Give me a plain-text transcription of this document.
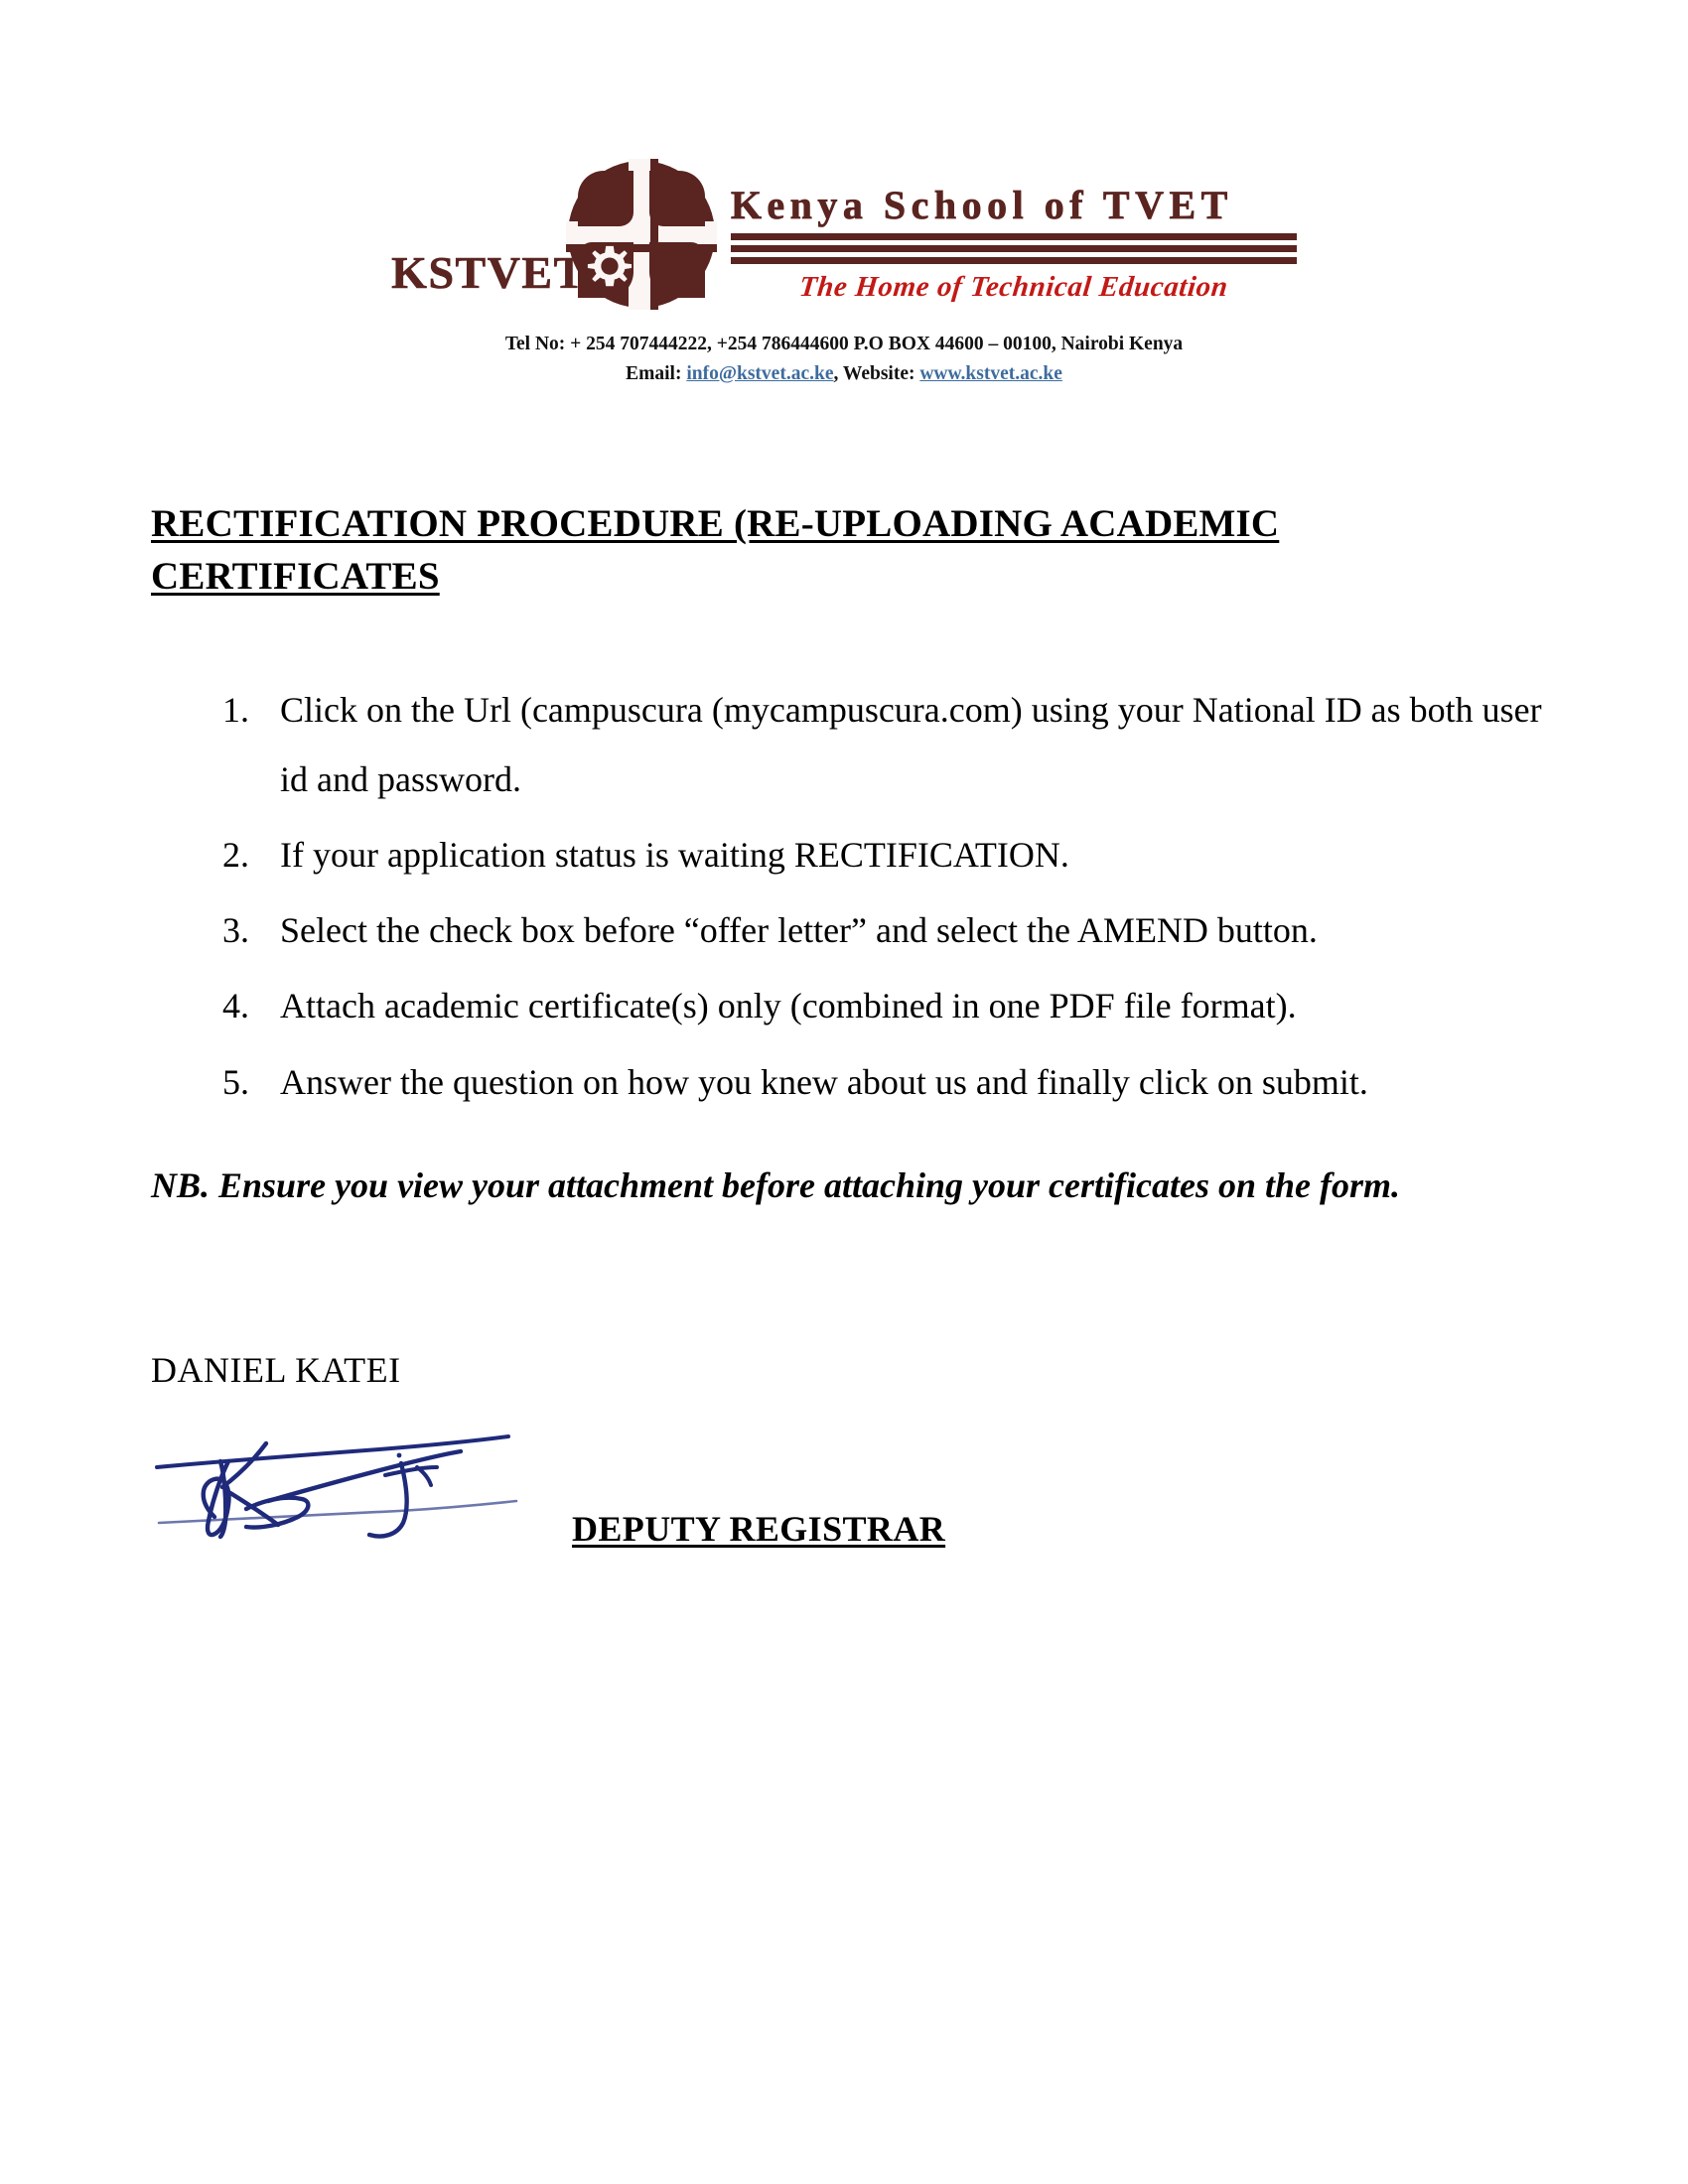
KSTVET
Kenya School of TVET
The Home of Technical Education
Tel No: + 254 707444222, +254 786444600 P.O BOX 44600 – 00100, Nairobi Kenya
Email: info@kstvet.ac.ke, Website: www.kstvet.ac.ke
RECTIFICATION PROCEDURE (RE-UPLOADING ACADEMIC
CERTIFICATES
1. Click on the Url (campuscura (mycampuscura.com) using your National ID as both user id and password.
2. If your application status is waiting RECTIFICATION.
3. Select the check box before “offer letter” and select the AMEND button.
4. Attach academic certificate(s) only (combined in one PDF file format).
5. Answer the question on how you knew about us and finally click on submit.
NB. Ensure you view your attachment before attaching your certificates on the form.
DANIEL KATEI
DEPUTY REGISTRAR
